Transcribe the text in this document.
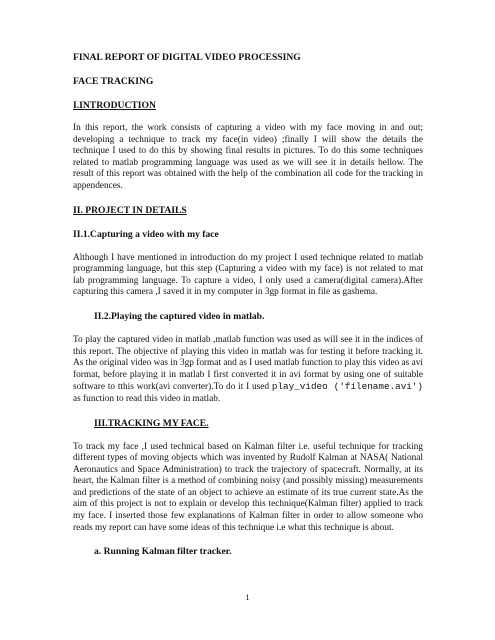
FINAL REPORT OF DIGITAL VIDEO PROCESSING
FACE TRACKING
I.INTRODUCTION

In this report, the work consists of capturing a video with my face moving in and out; developing a technique to track my face(in video) ;finally I will show the details the technique I used to do this by showing final results in pictures. To do this some techniques related to matlab programming language was used as we will see it in details bellow. The result of this report was obtained with the help of the combination all code for the tracking in appendences.

II. PROJECT IN DETAILS
II.1.Capturing a video with my face

Although I have mentioned in introduction do my project I used technique related to matlab programming language, but this step (Capturing a video with my face) is not related to mat lab programming language. To capture a video, I only used a camera(digital camera).After capturing this camera ,I saved it in my computer in 3gp format in file as gashema.

II.2.Playing the captured video in matlab.

To play the captured video in matlab ,matlab function was used as will see it in the indices of this report. The objective of playing this video in matlab was for testing it before tracking it. As the original video was in 3gp format and as I used matlab function to play this video as avi format, before playing it in matlab I first converted it in avi format by using one of suitable software to tthis work(avi converter).To do it I used play_video ('filename.avi') as function to read this video in matlab.

III.TRACKING MY FACE.

To track my face ,I used technical based on Kalman filter i.e. useful technique for tracking different types of moving objects which was invented by Rudolf Kalman at NASA( National Aeronautics and Space Administration) to track the trajectory of spacecraft. Normally, at its heart, the Kalman filter is a method of combining noisy (and possibly missing) measurements and predictions of the state of an object to achieve an estimate of its true current state.As the aim of this project is not to explain or develop this technique(Kalman filter) applied to track my face. I inserted those few explanations of Kalman filter in order to allow someone who reads my report can have some ideas of this technique i.e what this technique is about.

a. Running Kalman filter tracker.
1
